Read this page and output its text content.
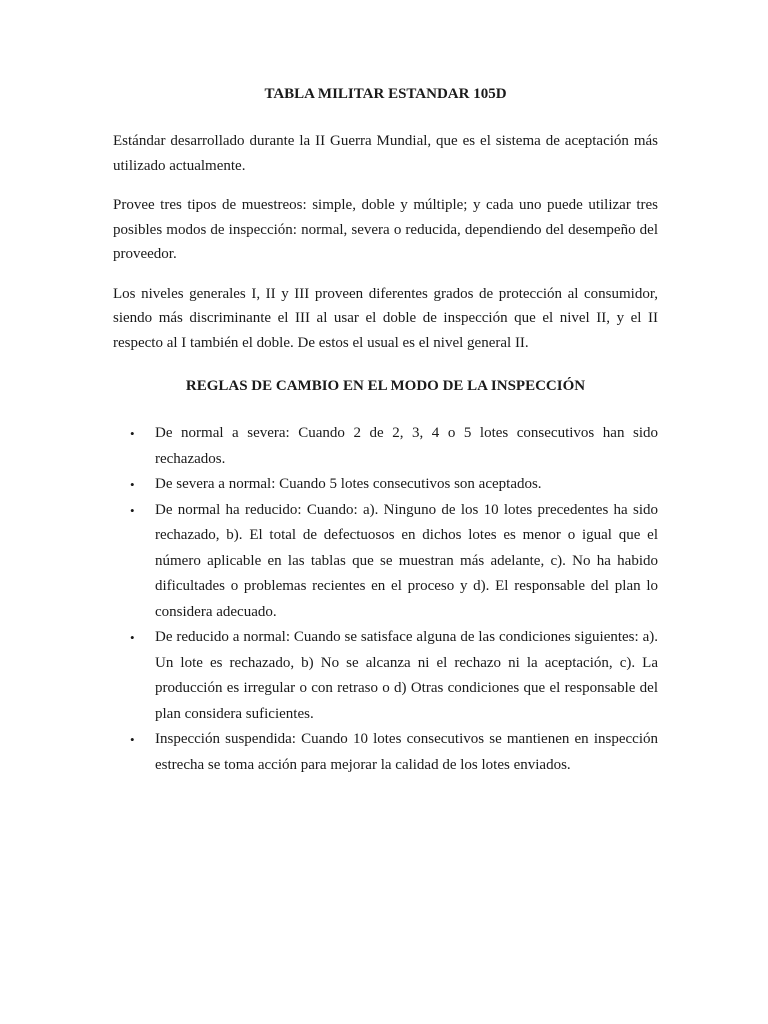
TABLA MILITAR ESTANDAR 105D

Estándar desarrollado durante la II Guerra Mundial, que es el sistema de aceptación más utilizado actualmente.

Provee tres tipos de muestreos: simple, doble y múltiple; y cada uno puede utilizar tres posibles modos de inspección: normal, severa o reducida, dependiendo del desempeño del proveedor.

Los niveles generales I, II y III proveen diferentes grados de protección al consumidor, siendo más discriminante el III al usar el doble de inspección que el nivel II, y el II respecto al I también el doble. De estos el usual es el nivel general II.

REGLAS DE CAMBIO EN EL MODO DE LA INSPECCIÓN
• De normal a severa: Cuando 2 de 2, 3, 4 o 5 lotes consecutivos han sido rechazados.
• De severa a normal: Cuando 5 lotes consecutivos son aceptados.
• De normal ha reducido: Cuando: a). Ninguno de los 10 lotes precedentes ha sido rechazado, b). El total de defectuosos en dichos lotes es menor o igual que el número aplicable en las tablas que se muestran más adelante, c). No ha habido dificultades o problemas recientes en el proceso y d). El responsable del plan lo considera adecuado.
• De reducido a normal: Cuando se satisface alguna de las condiciones siguientes: a). Un lote es rechazado, b) No se alcanza ni el rechazo ni la aceptación, c). La producción es irregular o con retraso o d) Otras condiciones que el responsable del plan considera suficientes.
• Inspección suspendida: Cuando 10 lotes consecutivos se mantienen en inspección estrecha se toma acción para mejorar la calidad de los lotes enviados.
